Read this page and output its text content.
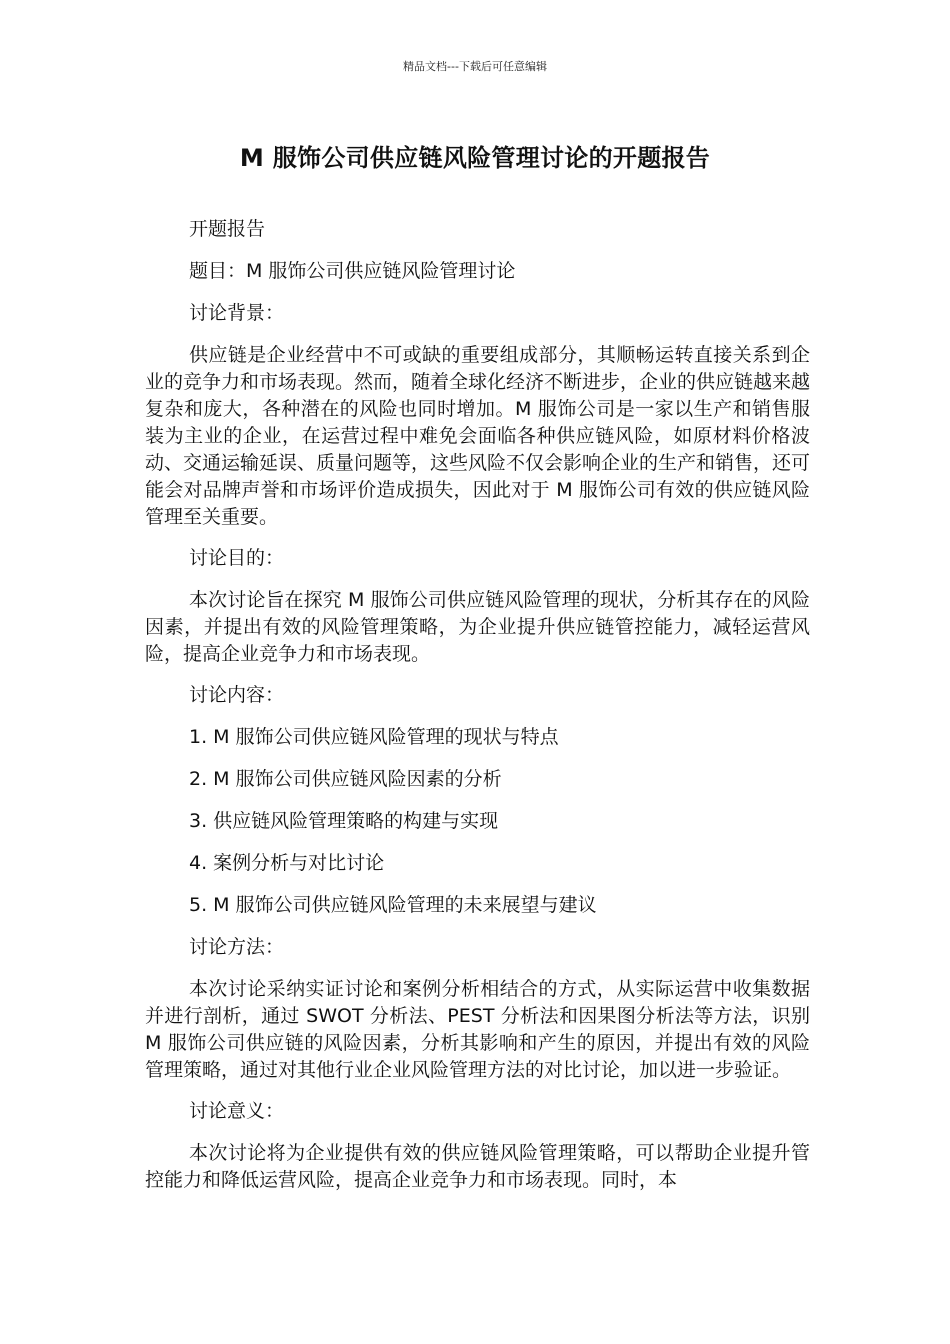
精品文档---下载后可任意编辑
M 服饰公司供应链风险管理讨论的开题报告

开题报告

题目：M 服饰公司供应链风险管理讨论

讨论背景：

供应链是企业经营中不可或缺的重要组成部分，其顺畅运转直接关系到企业的竞争力和市场表现。然而，随着全球化经济不断进步，企业的供应链越来越复杂和庞大，各种潜在的风险也同时增加。M 服饰公司是一家以生产和销售服装为主业的企业，在运营过程中难免会面临各种供应链风险，如原材料价格波动、交通运输延误、质量问题等，这些风险不仅会影响企业的生产和销售，还可能会对品牌声誉和市场评价造成损失，因此对于 M 服饰公司有效的供应链风险管理至关重要。

讨论目的：

本次讨论旨在探究 M 服饰公司供应链风险管理的现状，分析其存在的风险因素，并提出有效的风险管理策略，为企业提升供应链管控能力，减轻运营风险，提高企业竞争力和市场表现。

讨论内容：

1. M 服饰公司供应链风险管理的现状与特点

2. M 服饰公司供应链风险因素的分析

3. 供应链风险管理策略的构建与实现

4. 案例分析与对比讨论

5. M 服饰公司供应链风险管理的未来展望与建议

讨论方法：

本次讨论采纳实证讨论和案例分析相结合的方式，从实际运营中收集数据并进行剖析，通过 SWOT 分析法、PEST 分析法和因果图分析法等方法，识别 M 服饰公司供应链的风险因素，分析其影响和产生的原因，并提出有效的风险管理策略，通过对其他行业企业风险管理方法的对比讨论，加以进一步验证。

讨论意义：

本次讨论将为企业提供有效的供应链风险管理策略，可以帮助企业提升管控能力和降低运营风险，提高企业竞争力和市场表现。同时，本
